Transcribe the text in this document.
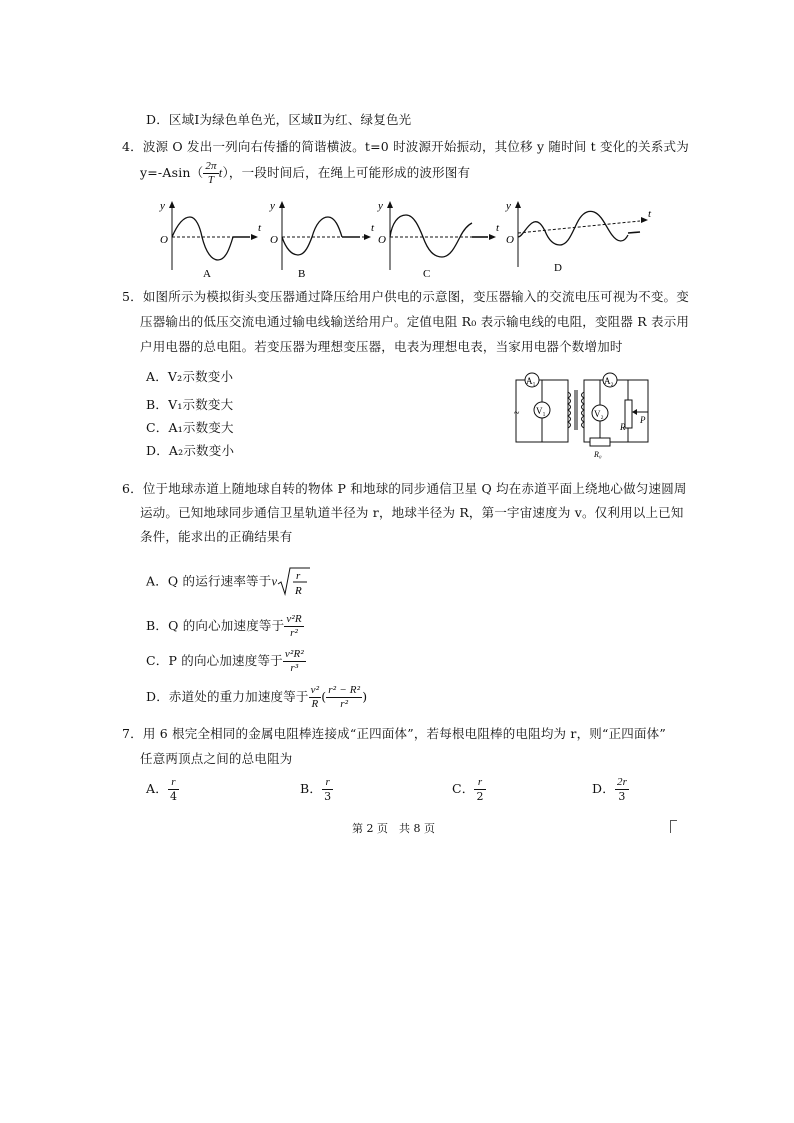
D．区域Ⅰ为绿色单色光，区域Ⅱ为红、绿复色光
4．波源 O 发出一列向右传播的简谐横波。t=0 时波源开始振动，其位移 y 随时间 t 变化的关系式为
$y=-Asin( \frac{2\pi}{T} t)$，一段时间后，在绳上可能形成的波形图有
y
t
O
A
y
t
O
B
y
t
O
C
y
t
O
D
5．如图所示为模拟街头变压器通过降压给用户供电的示意图，变压器输入的交流电压可视为不变。变
压器输出的低压交流电通过输电线输送给用户。定值电阻 R₀ 表示输电线的电阻，变阻器 R 表示用
户用电器的总电阻。若变压器为理想变压器，电表为理想电表，当家用电器个数增加时
A．V₂示数变小
B．V₁示数变大
C．A₁示数变大
D．A₂示数变小
A₁
~ V₁
A₂
V₂
R
P
R₀
6．位于地球赤道上随地球自转的物体 P 和地球的同步通信卫星 Q 均在赤道平面上绕地心做匀速圆周
运动。已知地球同步通信卫星轨道半径为 r，地球半径为 R，第一宇宙速度为 v。仅利用以上已知
条件，能求出的正确结果有
A．Q 的运行速率等于v r
R
B．Q 的向心加速度等于 $\frac{\text{v²R}}{\text{r²}}$
C．P 的向心加速度等于 $\frac{\text{v²R²}}{\text{r³}}$
D．赤道处的重力加速度等于 $\frac{\text{v²}}{R}$ ( $\frac{\text{r² − R²}}{\text{r²}}$ )
7．用 6 根完全相同的金属电阻棒连接成“正四面体”，若每根电阻棒的电阻均为 r，则“正四面体”
任意两顶点之间的总电阻为
A． $\frac{r}{4}$	B． $\frac{r}{3}$	C． $\frac{r}{2}$	D． $\frac{2r}{3}$
第 2 页　共 8 页
